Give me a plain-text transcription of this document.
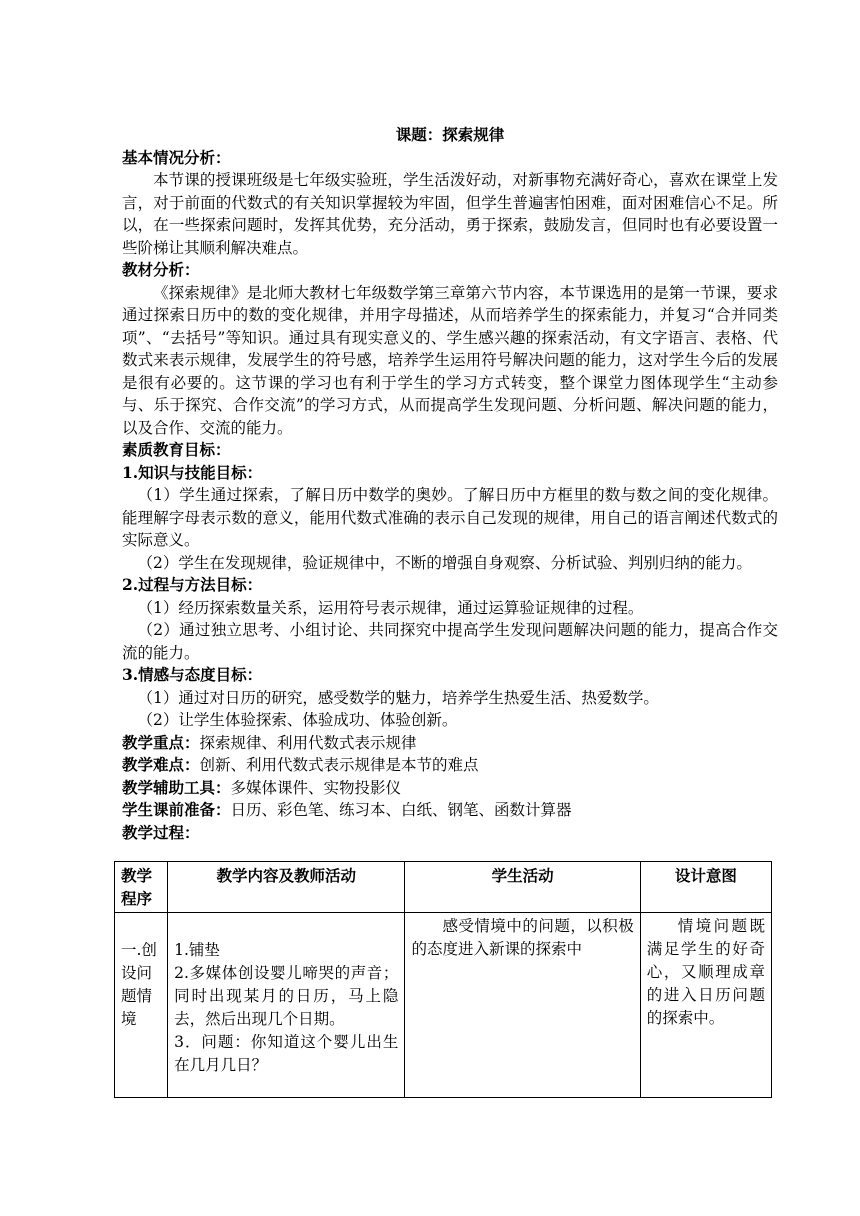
课题：探索规律

基本情况分析：

本节课的授课班级是七年级实验班，学生活泼好动，对新事物充满好奇心，喜欢在课堂上发言，对于前面的代数式的有关知识掌握较为牢固，但学生普遍害怕困难，面对困难信心不足。所以，在一些探索问题时，发挥其优势，充分活动，勇于探索，鼓励发言，但同时也有必要设置一些阶梯让其顺利解决难点。

教材分析：

《探索规律》是北师大教材七年级数学第三章第六节内容，本节课选用的是第一节课，要求通过探索日历中的数的变化规律，并用字母描述，从而培养学生的探索能力，并复习“合并同类项”、“去括号”等知识。通过具有现实意义的、学生感兴趣的探索活动，有文字语言、表格、代数式来表示规律，发展学生的符号感，培养学生运用符号解决问题的能力，这对学生今后的发展是很有必要的。这节课的学习也有利于学生的学习方式转变，整个课堂力图体现学生“主动参与、乐于探究、合作交流”的学习方式，从而提高学生发现问题、分析问题、解决问题的能力，以及合作、交流的能力。

素质教育目标：

1.知识与技能目标：

（1）学生通过探索，了解日历中数学的奥妙。了解日历中方框里的数与数之间的变化规律。能理解字母表示数的意义，能用代数式准确的表示自己发现的规律，用自己的语言阐述代数式的实际意义。

（2）学生在发现规律，验证规律中，不断的增强自身观察、分析试验、判别归纳的能力。

2.过程与方法目标：

（1）经历探索数量关系，运用符号表示规律，通过运算验证规律的过程。

（2）通过独立思考、小组讨论、共同探究中提高学生发现问题解决问题的能力，提高合作交流的能力。

3.情感与态度目标：

（1）通过对日历的研究，感受数学的魅力，培养学生热爱生活、热爱数学。

（2）让学生体验探索、体验成功、体验创新。

教学重点：探索规律、利用代数式表示规律

教学难点：创新、利用代数式表示规律是本节的难点

教学辅助工具：多媒体课件、实物投影仪

学生课前准备：日历、彩色笔、练习本、白纸、钢笔、函数计算器

教学过程：

教学程序	教学内容及教师活动	学生活动	设计意图
一.创设问题情境	1.铺垫
2.多媒体创设婴儿啼哭的声音；同时出现某月的日历，马上隐去，然后出现几个日期。
3．问题：你知道这个婴儿出生在几月几日？	感受情境中的问题，以积极的态度进入新课的探索中	情境问题既满足学生的好奇心，又顺理成章的进入日历问题的探索中。
